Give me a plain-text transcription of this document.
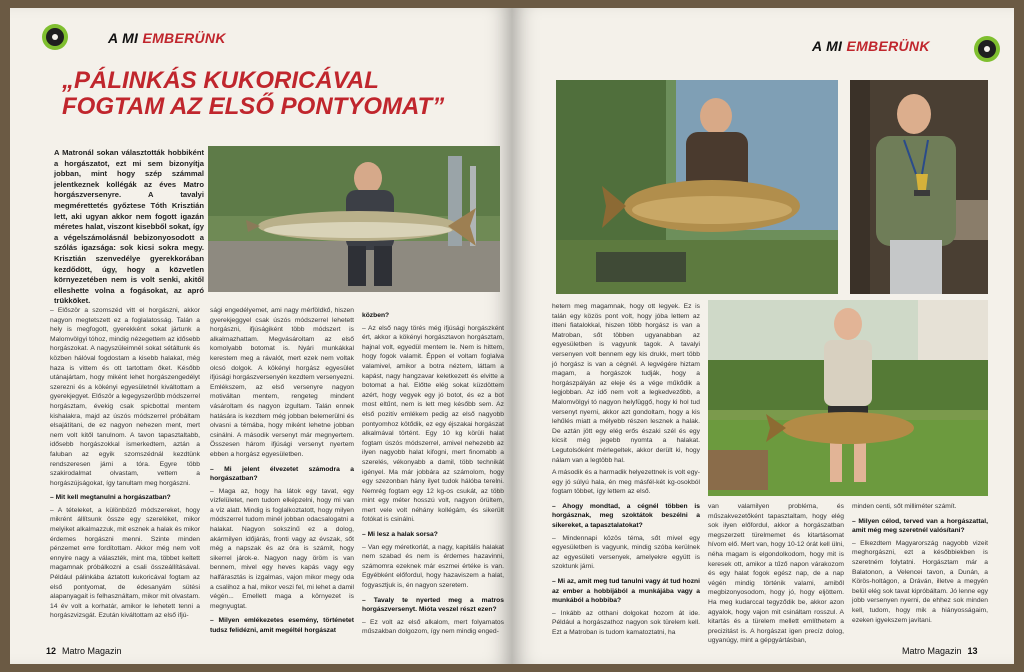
A MI EMBERÜNK
„PÁLINKÁS KUKORICÁVAL FOGTAM AZ ELSŐ PONTYOMAT”
A Matronál sokan választották hobbiként a horgászatot, ezt mi sem bizonyítja jobban, mint hogy szép számmal jelentkeznek kollégák az éves Matro horgászversenyre. A tavalyi megmérettetés győztese Tóth Krisztián lett, aki ugyan akkor nem fogott igazán méretes halat, viszont kisebből sokat, így a végelszámolásnál bebizonyosodott a szólás igazsága: sok kicsi sokra megy. Krisztián szenvedélye gyerekkorában kezdődött, úgy, hogy a közvetlen környezetében nem is volt senki, akitől elleshette volna a fogásokat, az apró trükköket.

– Először a szomszéd vitt el horgászni, akkor nagyon megtetszett ez a foglalatosság. Talán a hely is megfogott, gyerekként sokat jártunk a Malomvölgyi tóhoz, mindig nézegettem az idősebb horgászokat. A nagyszüleimnél sokat sétáltunk és közben hálóval fogdostam a kisebb halakat, még haza is vittem és ott tartottam őket. Később utánajártam, hogy miként lehet horgászengedélyt szerezni és a kökényi egyesületnél kiváltottam a gyerekjegyet. Először a legegyszerűbb módszerrel horgásztam, évekig csak spicbottal mentem kishalakra, majd az úszós módszerrel próbáltam elsajátítani, de ez nagyon nehezen ment, mert nem volt kitől tanulnom. A tavon tapasztaltabb, idősebb horgászokkal ismerkedtem, aztán a faluban az egyik szomszédnál kezdtünk rendszeresen járni a tóra. Egyre több szakirodalmat olvastam, vettem a horgászújságokat, így tanultam meg horgászni.

– Mit kell megtanulni a horgászatban?

– A tételeket, a különböző módszereket, hogy mikrént állítsunk össze egy szereléket, mikor melyiket alkalmazzuk, mit esznek a halak és mikor érdemes horgászni menni. Szinte minden pénzemet erre fordítottam. Akkor még nem volt ennyire nagy a választék, mint ma, többet keltett magamnak próbálkozni a csali összeállításával. Például pálinkába áztatott kukoricával fogtam az első pontyomat, de édesanyám sütési alapanyagait is felhasználtam, mikor mit olvastam. 14 év volt a korhatár, amikor le lehetett tenni a horgászvizsgát. Ezután kiváltottam az első ifjú-

sági engedélyemet, ami nagy mérföldkő, hiszen gyerekjeggyel csak úszós módszerrel lehetett horgászni, ifjúságiként több módszert is alkalmazhattam. Megvásároltam az első komolyabb botomat is. Nyári munkákkal kerestem meg a rávalót, mert ezek nem voltak olcsó dolgok. A kökényi horgász egyesület ifjúsági horgászversenyén kezdtem versenyezni. Emlékszem, az első versenyre nagyon motiváltan mentem, rengeteg mindent vásároltam és nagyon izgultam. Talán ennek hatására is kezdtem még jobban belemerülni és olvasni a témába, hogy miként lehetne jobban csinálni. A második versenyt már megnyertem. Összesen három ifjúsági versenyt nyertem ebben a horgász egyesületben.

– Mi jelent élvezetet számodra a horgászatban?

– Maga az, hogy ha látok egy tavat, egy vízfelületet, nem tudom elképzelni, hogy mi van a víz alatt. Mindig is foglalkoztatott, hogy milyen módszerrel tudom minél jobban odacsalogatni a halakat. Nagyon sokszínű ez a dolog, akármilyen időjárás, fronti vagy az évszak, sőt még a napszak és az óra is számít, hogy sikerrel járok-e. Nagyon nagy öröm is van bennem, mivel egy heves kapás vagy egy halfárasztás is izgalmas, vajon mikor megy oda a csalihoz a hal, mikor veszi fel, mi lehet a damil végén... Emellett maga a környezet is megnyugtat.

– Milyen emlékezetes esemény, történetet tudsz felidézni, amit megéltél horgászat

közben?

– Az első nagy törés még ifjúsági horgászként ért, akkor a kökényi horgásztavon horgásztam, hajnal volt, egyedül mentem le. Nem is hittem, hogy fogok valamit. Éppen el voltam foglalva valamivel, amikor a botra néztem, láttam a kapást, nagy hangzavar keletkezett és elvitte a botomat a hal. Előtte elég sokat küzdöttem azért, hogy vegyek egy jó botot, és ez a bot most eltűnt, nem is lett meg később sem. Az első pozitív emlékem pedig az első nagyobb pontyomhoz kötődik, ez egy éjszakai horgászat alkalmával történt. Egy 10 kg körüli halat fogtam úszós módszerrel, amivel nehezebb az ilyen nagyobb halat kifogni, mert finomabb a szerelés, vékonyabb a damil, több technikát igényel. Ma már jobbára az számolom, hogy egy szezonban hány ilyet tudok hálóba terelni. Nemrég fogtam egy 12 kg-os csukát, az több mint egy méter hosszú volt, nagyon örültem, mert vele volt néhány kollégám, és sikerült fotókat is csinálni.

– Mi lesz a halak sorsa?

– Van egy méretkorlát, a nagy, kapitális halakat nem szabad és nem is érdemes hazavinni, számomra ezeknek már eszmei értéke is van. Egyébként előfordul, hogy hazaviszem a halat, fogyasztjuk is, én nagyon szeretem.

– Tavaly te nyerted meg a matros horgászversenyt. Mióta veszel részt ezen?

– Ez volt az első alkalom, mert folyamatos műszakban dolgozom, így nem mindig enged-

12 Matro Magazin
A MI EMBERÜNK

hetem meg magamnak, hogy ott legyek. Ez is talán egy közös pont volt, hogy jóba lettem az itteni fiatalokkal, hiszen több horgász is van a Matroban, sőt többen ugyanabban az egyesületben is vagyunk tagok. A tavalyi versenyen volt bennem egy kis drukk, mert több jó horgász is van a cégnél. A legvégére hiztam magam, a horgászok tudják, hogy a horgászpályán az eleje és a vége műkődik a legjobban. Az idő nem volt a legkedvezőbb, a Malomvölgyi tó nagyon helyfüggő, hogy ki hol tud versenyt nyerni, akkor azt gondoltam, hogy a kis lehűlés miatt a mélyebb részen lesznek a halak. De aztán jött egy elég erős északi szél és egy kicsit még jegebb nyomta a halakat. Legutolsóként mérlegeltek, akkor derült ki, hogy nálam van a legtöbb hal.

A második és a harmadik helyezettnek is volt egy-egy jó súlyú hala, én meg másfél-két kg-osokból fogtam többet, így lettem az első.

– Ahogy mondtad, a cégnél többen is horgásznak, meg szoktátok beszélni a sikereket, a tapasztalatokat?

– Mindennapi közös téma, sőt mivel egy egyesületben is vagyunk, mindig szóba kerülnek az egyesületi versenyek, amelyekre együtt is szoktunk járni.

– Mi az, amit meg tud tanulni vagy át tud hozni az ember a hobbijából a munkájába vagy a munkából a hobbiba?

– Inkább az otthani dolgokat hozom át ide. Például a horgászathoz nagyon sok türelem kell. Ezt a Matroban is tudom kamatoztatni, ha

van valamilyen probléma, és műszakvezetőként tapasztaltam, hogy elég sok ilyen előfordul, akkor a horgászatban megszerzett türelmemet és kitartásomat hívom elő. Mert van, hogy 10-12 órát kell ülni, néha magam is elgondolkodom, hogy mit is keresek ott, amikor a tűző napon várakozom és egy halat fogok egész nap, de a nap végén mindig történik valami, amiből megbizonyosodom, hogy jó, hogy eljöttem. Ha meg kudarccal tegyződik be, akkor azon agyalok, hogy vajon mit csináltam rosszul. A kitartás és a türelem mellett említhetem a precizitást is. A horgászat igen precíz dolog, ugyanúgy, mint a gépgyártásban,

minden centi, sőt milliméter számít.

– Milyen célod, terved van a horgászattal, amit még meg szeretnél valósítani?

– Elkezdtem Magyarország nagyobb vizeit meghorgászni, ezt a későbbiekben is szeretném folytatni. Horgásztam már a Balatonon, a Velencei tavon, a Dunán, a Körös-holtágon, a Dráván, illetve a megyén belül elég sok tavat kipróbáltam. Jó lenne egy jobb versenyen nyerni, de ehhez sok minden kell, tudom, hogy mik a hiányosságaim, ezeken igyekszem javítani.

Matro Magazin 13
